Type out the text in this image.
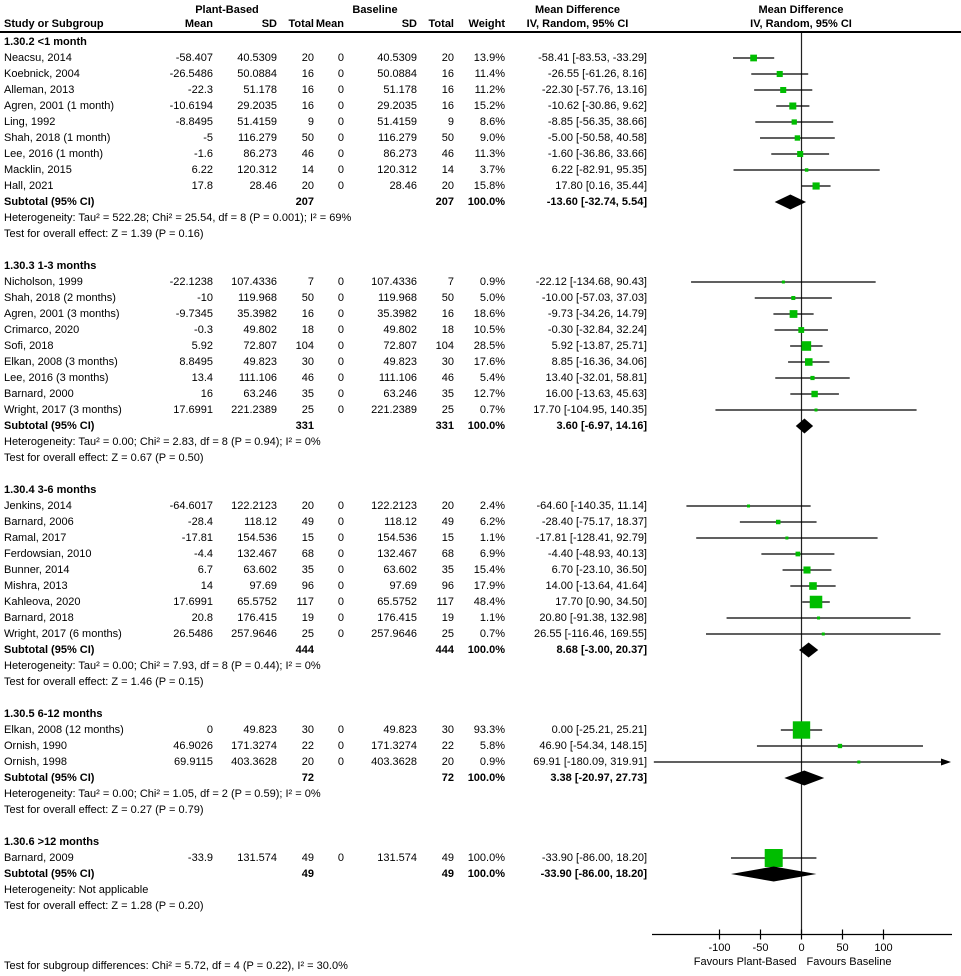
Plant-Based	Baseline	Mean Difference	Mean Difference
Study or Subgroup	Mean	SD	Total Mean	SD	Total	Weight	IV, Random, 95% CI	IV, Random, 95% CI
1.30.2 <1 month
Neacsu, 2014	-58.407	40.5309	20	0	40.5309	20	13.9%	-58.41 [-83.53, -33.29]
Koebnick, 2004	-26.5486	50.0884	16	0	50.0884	16	11.4%	-26.55 [-61.26, 8.16]
Alleman, 2013	-22.3	51.178	16	0	51.178	16	11.2%	-22.30 [-57.76, 13.16]
Agren, 2001 (1 month)	-10.6194	29.2035	16	0	29.2035	16	15.2%	-10.62 [-30.86, 9.62]
Ling, 1992	-8.8495	51.4159	9	0	51.4159	9	8.6%	-8.85 [-56.35, 38.66]
Shah, 2018 (1 month)	-5	116.279	50	0	116.279	50	9.0%	-5.00 [-50.58, 40.58]
Lee, 2016 (1 month)	-1.6	86.273	46	0	86.273	46	11.3%	-1.60 [-36.86, 33.66]
Macklin, 2015	6.22	120.312	14	0	120.312	14	3.7%	6.22 [-82.91, 95.35]
Hall, 2021	17.8	28.46	20	0	28.46	20	15.8%	17.80 [0.16, 35.44]
Subtotal (95% CI)	207	207	100.0%	-13.60 [-32.74, 5.54]
Heterogeneity: Tau² = 522.28; Chi² = 25.54, df = 8 (P = 0.001); I² = 69%
Test for overall effect: Z = 1.39 (P = 0.16)
1.30.3 1-3 months
Nicholson, 1999	-22.1238	107.4336	7	0	107.4336	7	0.9%	-22.12 [-134.68, 90.43]
Shah, 2018 (2 months)	-10	119.968	50	0	119.968	50	5.0%	-10.00 [-57.03, 37.03]
Agren, 2001 (3 months)	-9.7345	35.3982	16	0	35.3982	16	18.6%	-9.73 [-34.26, 14.79]
Crimarco, 2020	-0.3	49.802	18	0	49.802	18	10.5%	-0.30 [-32.84, 32.24]
Sofi, 2018	5.92	72.807	104	0	72.807	104	28.5%	5.92 [-13.87, 25.71]
Elkan, 2008 (3 months)	8.8495	49.823	30	0	49.823	30	17.6%	8.85 [-16.36, 34.06]
Lee, 2016 (3 months)	13.4	111.106	46	0	111.106	46	5.4%	13.40 [-32.01, 58.81]
Barnard, 2000	16	63.246	35	0	63.246	35	12.7%	16.00 [-13.63, 45.63]
Wright, 2017 (3 months)	17.6991	221.2389	25	0	221.2389	25	0.7%	17.70 [-104.95, 140.35]
Subtotal (95% CI)	331	331	100.0%	3.60 [-6.97, 14.16]
Heterogeneity: Tau² = 0.00; Chi² = 2.83, df = 8 (P = 0.94); I² = 0%
Test for overall effect: Z = 0.67 (P = 0.50)
1.30.4 3-6 months
Jenkins, 2014	-64.6017	122.2123	20	0	122.2123	20	2.4%	-64.60 [-140.35, 11.14]
Barnard, 2006	-28.4	118.12	49	0	118.12	49	6.2%	-28.40 [-75.17, 18.37]
Ramal, 2017	-17.81	154.536	15	0	154.536	15	1.1%	-17.81 [-128.41, 92.79]
Ferdowsian, 2010	-4.4	132.467	68	0	132.467	68	6.9%	-4.40 [-48.93, 40.13]
Bunner, 2014	6.7	63.602	35	0	63.602	35	15.4%	6.70 [-23.10, 36.50]
Mishra, 2013	14	97.69	96	0	97.69	96	17.9%	14.00 [-13.64, 41.64]
Kahleova, 2020	17.6991	65.5752	117	0	65.5752	117	48.4%	17.70 [0.90, 34.50]
Barnard, 2018	20.8	176.415	19	0	176.415	19	1.1%	20.80 [-91.38, 132.98]
Wright, 2017 (6 months)	26.5486	257.9646	25	0	257.9646	25	0.7%	26.55 [-116.46, 169.55]
Subtotal (95% CI)	444	444	100.0%	8.68 [-3.00, 20.37]
Heterogeneity: Tau² = 0.00; Chi² = 7.93, df = 8 (P = 0.44); I² = 0%
Test for overall effect: Z = 1.46 (P = 0.15)
1.30.5 6-12 months
Elkan, 2008 (12 months)	0	49.823	30	0	49.823	30	93.3%	0.00 [-25.21, 25.21]
Ornish, 1990	46.9026	171.3274	22	0	171.3274	22	5.8%	46.90 [-54.34, 148.15]
Ornish, 1998	69.9115	403.3628	20	0	403.3628	20	0.9%	69.91 [-180.09, 319.91]
Subtotal (95% CI)	72	72	100.0%	3.38 [-20.97, 27.73]
Heterogeneity: Tau² = 0.00; Chi² = 1.05, df = 2 (P = 0.59); I² = 0%
Test for overall effect: Z = 0.27 (P = 0.79)
1.30.6 >12 months
Barnard, 2009	-33.9	131.574	49	0	131.574	49	100.0%	-33.90 [-86.00, 18.20]
Subtotal (95% CI)	49	49	100.0%	-33.90 [-86.00, 18.20]
Heterogeneity: Not applicable
Test for overall effect: Z = 1.28 (P = 0.20)
-100 -50	0	50 100
Favours Plant-Based Favours Baseline
Test for subgroup differences: Chi² = 5.72, df = 4 (P = 0.22), I² = 30.0%
